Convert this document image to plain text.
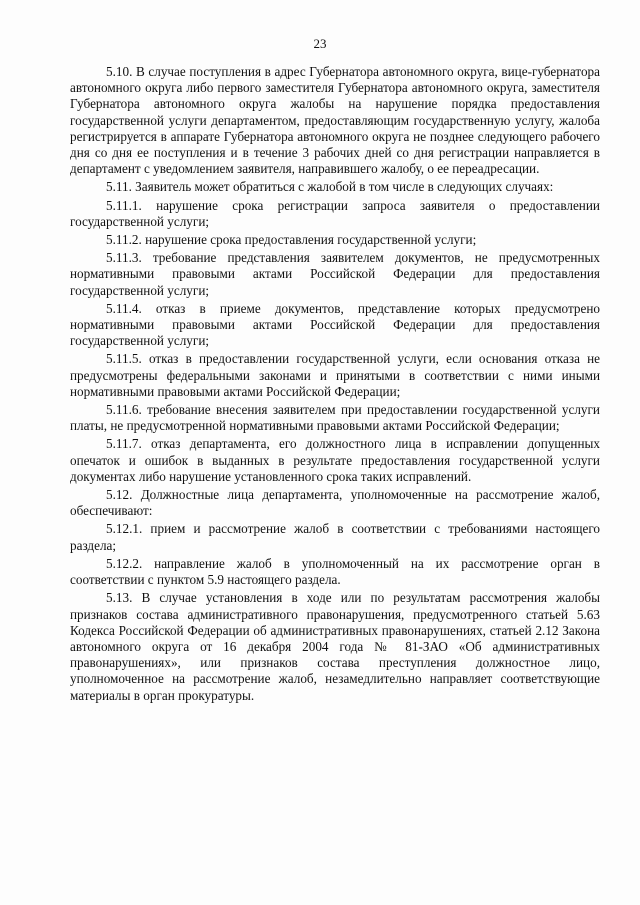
23

5.10. В случае поступления в адрес Губернатора автономного округа, вице-губернатора автономного округа либо первого заместителя Губернатора автономного округа, заместителя Губернатора автономного округа жалобы на нарушение порядка предоставления государственной услуги департаментом, предоставляющим государственную услугу, жалоба регистрируется в аппарате Губернатора автономного округа не позднее следующего рабочего дня со дня ее поступления и в течение 3 рабочих дней со дня регистрации направляется в департамент с уведомлением заявителя, направившего жалобу, о ее переадресации.

5.11. Заявитель может обратиться с жалобой в том числе в следующих случаях:

5.11.1. нарушение срока регистрации запроса заявителя о предоставлении государственной услуги;

5.11.2. нарушение срока предоставления государственной услуги;

5.11.3. требование представления заявителем документов, не предусмотренных нормативными правовыми актами Российской Федерации для предоставления государственной услуги;

5.11.4. отказ в приеме документов, представление которых предусмотрено нормативными правовыми актами Российской Федерации для предоставления государственной услуги;

5.11.5. отказ в предоставлении государственной услуги, если основания отказа не предусмотрены федеральными законами и принятыми в соответствии с ними иными нормативными правовыми актами Российской Федерации;

5.11.6. требование внесения заявителем при предоставлении государственной услуги платы, не предусмотренной нормативными правовыми актами Российской Федерации;

5.11.7. отказ департамента, его должностного лица в исправлении допущенных опечаток и ошибок в выданных в результате предоставления государственной услуги документах либо нарушение установленного срока таких исправлений.

5.12. Должностные лица департамента, уполномоченные на рассмотрение жалоб, обеспечивают:

5.12.1. прием и рассмотрение жалоб в соответствии с требованиями настоящего раздела;

5.12.2. направление жалоб в уполномоченный на их рассмотрение орган в соответствии с пунктом 5.9 настоящего раздела.

5.13. В случае установления в ходе или по результатам рассмотрения жалобы признаков состава административного правонарушения, предусмотренного статьей 5.63 Кодекса Российской Федерации об административных правонарушениях, статьей 2.12 Закона автономного округа от 16 декабря 2004 года № 81-ЗАО «Об административных правонарушениях», или признаков состава преступления должностное лицо, уполномоченное на рассмотрение жалоб, незамедлительно направляет соответствующие материалы в орган прокуратуры.
